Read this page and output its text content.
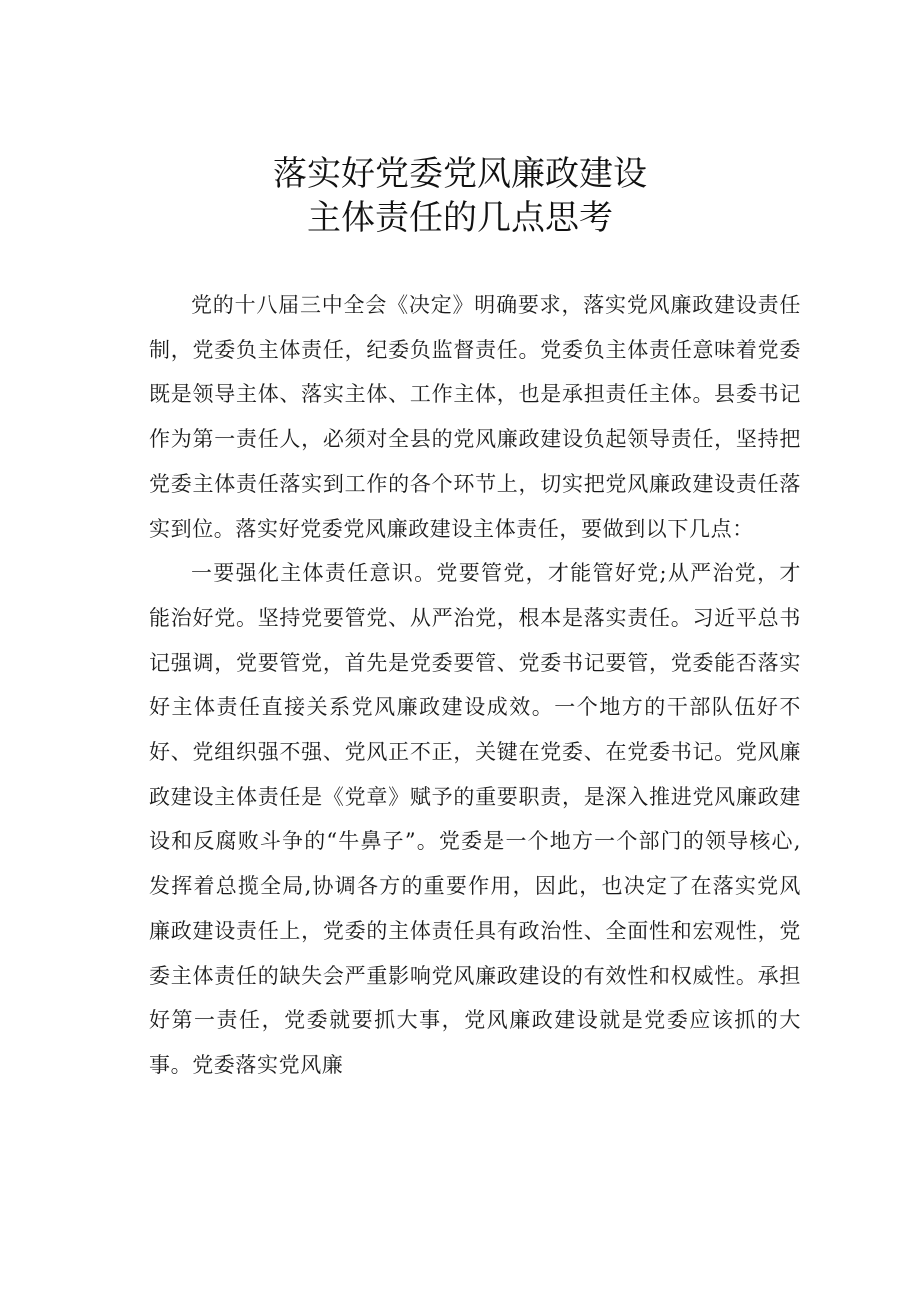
落实好党委党风廉政建设
主体责任的几点思考

党的十八届三中全会《决定》明确要求，落实党风廉政建设责任制，党委负主体责任，纪委负监督责任。党委负主体责任意味着党委既是领导主体、落实主体、工作主体，也是承担责任主体。县委书记作为第一责任人，必须对全县的党风廉政建设负起领导责任，坚持把党委主体责任落实到工作的各个环节上，切实把党风廉政建设责任落实到位。落实好党委党风廉政建设主体责任，要做到以下几点：

一要强化主体责任意识。党要管党，才能管好党;从严治党，才能治好党。坚持党要管党、从严治党，根本是落实责任。习近平总书记强调，党要管党，首先是党委要管、党委书记要管，党委能否落实好主体责任直接关系党风廉政建设成效。一个地方的干部队伍好不好、党组织强不强、党风正不正，关键在党委、在党委书记。党风廉政建设主体责任是《党章》赋予的重要职责，是深入推进党风廉政建设和反腐败斗争的“牛鼻子”。党委是一个地方一个部门的领导核心,发挥着总揽全局,协调各方的重要作用，因此，也决定了在落实党风廉政建设责任上，党委的主体责任具有政治性、全面性和宏观性，党委主体责任的缺失会严重影响党风廉政建设的有效性和权威性。承担好第一责任，党委就要抓大事，党风廉政建设就是党委应该抓的大事。党委落实党风廉
